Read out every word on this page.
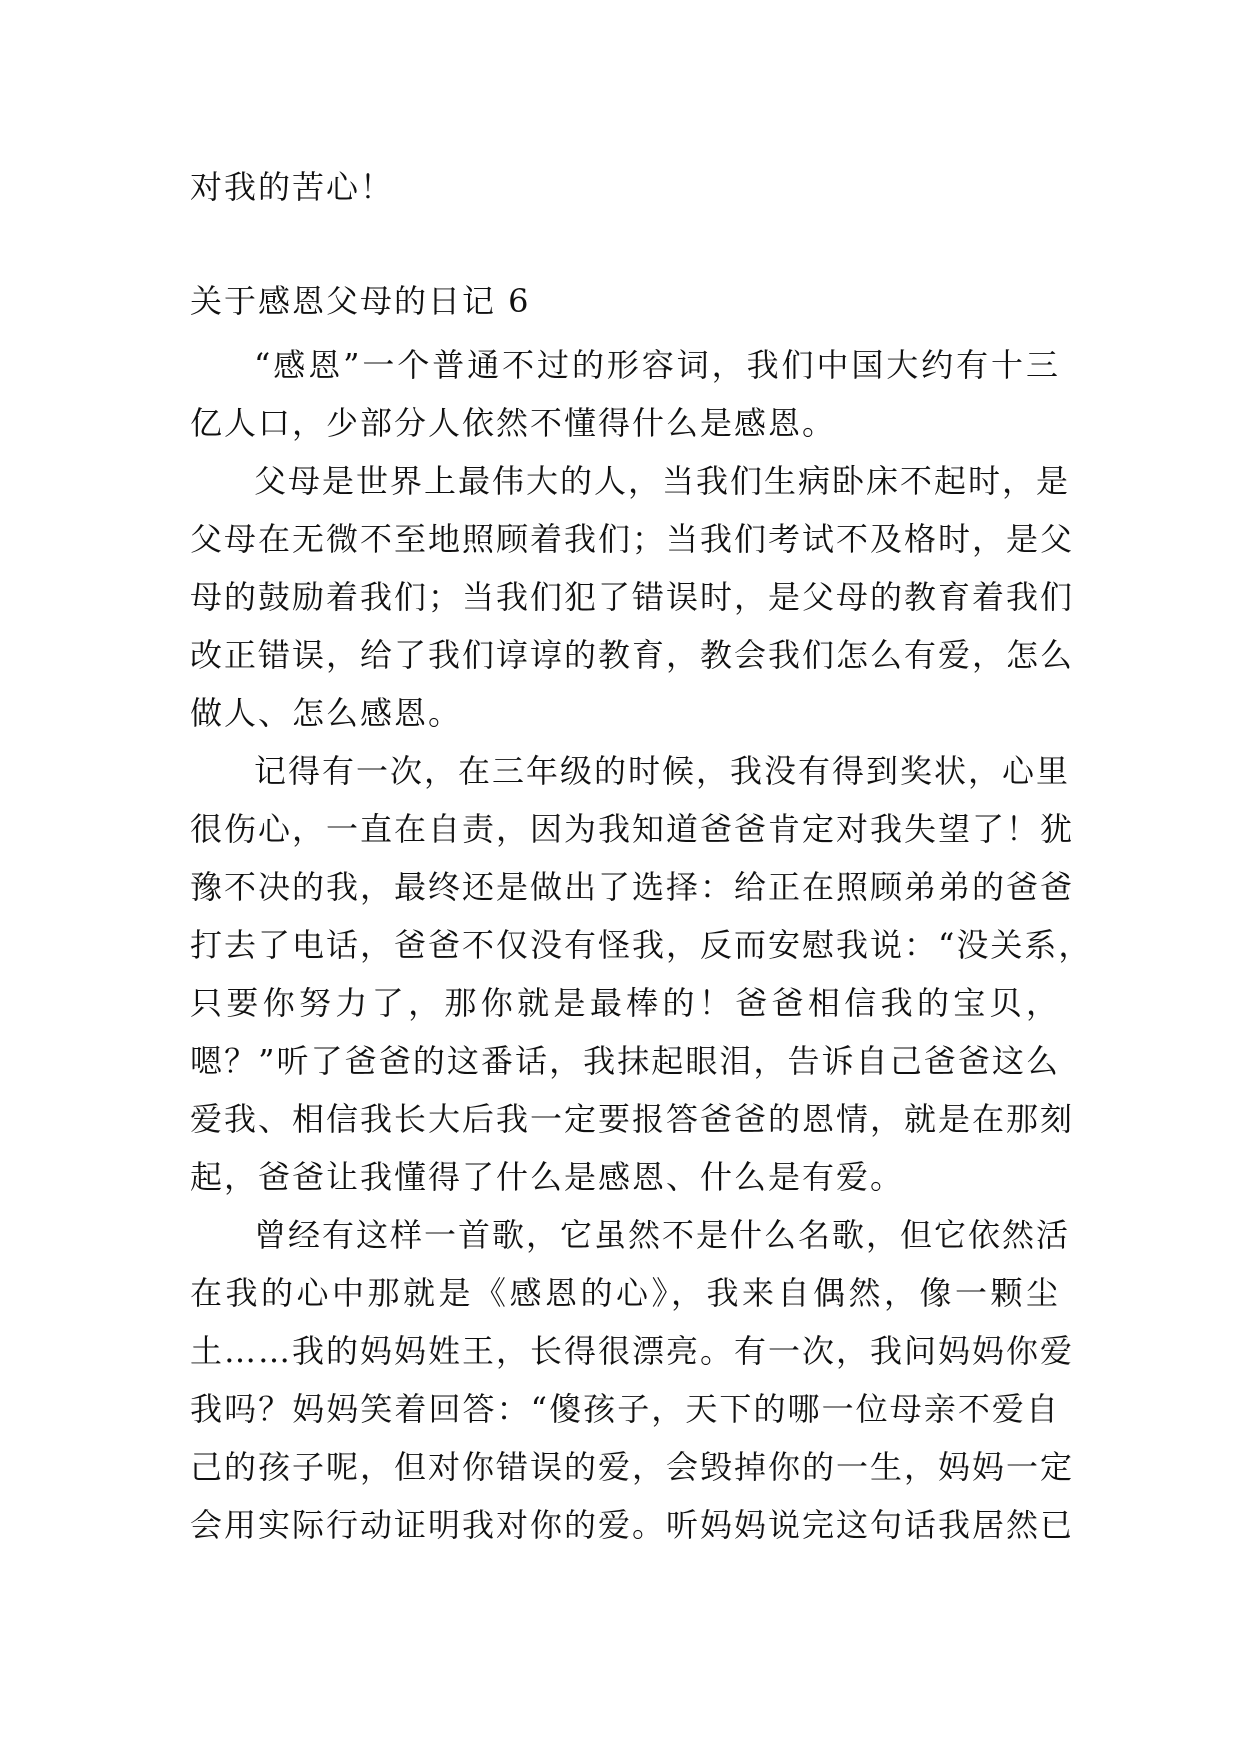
对我的苦心！
关于感恩父母的日记 6
“感恩”一个普通不过的形容词，我们中国大约有十三
亿人口，少部分人依然不懂得什么是感恩。
父母是世界上最伟大的人，当我们生病卧床不起时，是
父母在无微不至地照顾着我们；当我们考试不及格时，是父
母的鼓励着我们；当我们犯了错误时，是父母的教育着我们
改正错误，给了我们谆谆的教育，教会我们怎么有爱，怎么
做人、怎么感恩。
记得有一次，在三年级的时候，我没有得到奖状，心里
很伤心，一直在自责，因为我知道爸爸肯定对我失望了！犹
豫不决的我，最终还是做出了选择：给正在照顾弟弟的爸爸
打去了电话，爸爸不仅没有怪我，反而安慰我说：“没关系，
只要你努力了，那你就是最棒的！爸爸相信我的宝贝，
嗯？”听了爸爸的这番话，我抹起眼泪，告诉自己爸爸这么
爱我、相信我长大后我一定要报答爸爸的恩情，就是在那刻
起，爸爸让我懂得了什么是感恩、什么是有爱。
曾经有这样一首歌，它虽然不是什么名歌，但它依然活
在我的心中那就是《感恩的心》，我来自偶然，像一颗尘
土……我的妈妈姓王，长得很漂亮。有一次，我问妈妈你爱
我吗？妈妈笑着回答：“傻孩子，天下的哪一位母亲不爱自
己的孩子呢，但对你错误的爱，会毁掉你的一生，妈妈一定
会用实际行动证明我对你的爱。听妈妈说完这句话我居然已
